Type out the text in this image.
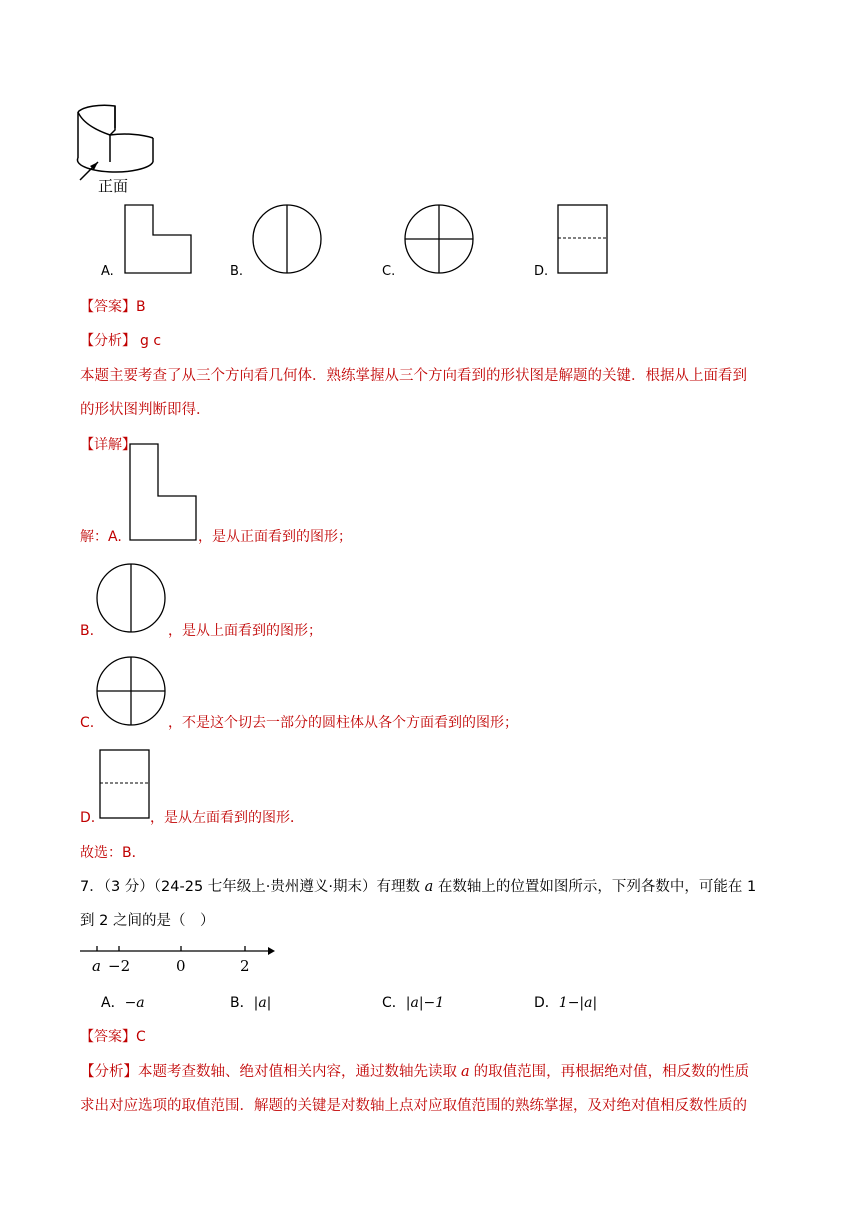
正面
A.	B.	C.	D.
【答案】B
【分析】 g c
本题主要考查了从三个方向看几何体．熟练掌握从三个方向看到的形状图是解题的关键．根据从上面看到
的形状图判断即得．
【详解】
解：A.	，是从正面看到的图形；
B.	，是从上面看到的图形；
C.	，不是这个切去一部分的圆柱体从各个方面看到的图形；
D.	，是从左面看到的图形．
故选：B．
7．（3 分）（24-25 七年级上·贵州遵义·期末）有理数 a 在数轴上的位置如图所示，下列各数中，可能在 1
到 2 之间的是（　）
a −2	0	2
A．−a	B．|a|	C．|a|−1	D．1−|a|
【答案】C
【分析】本题考查数轴、绝对值相关内容，通过数轴先读取 a 的取值范围，再根据绝对值，相反数的性质
求出对应选项的取值范围．解题的关键是对数轴上点对应取值范围的熟练掌握，及对绝对值相反数性质的
